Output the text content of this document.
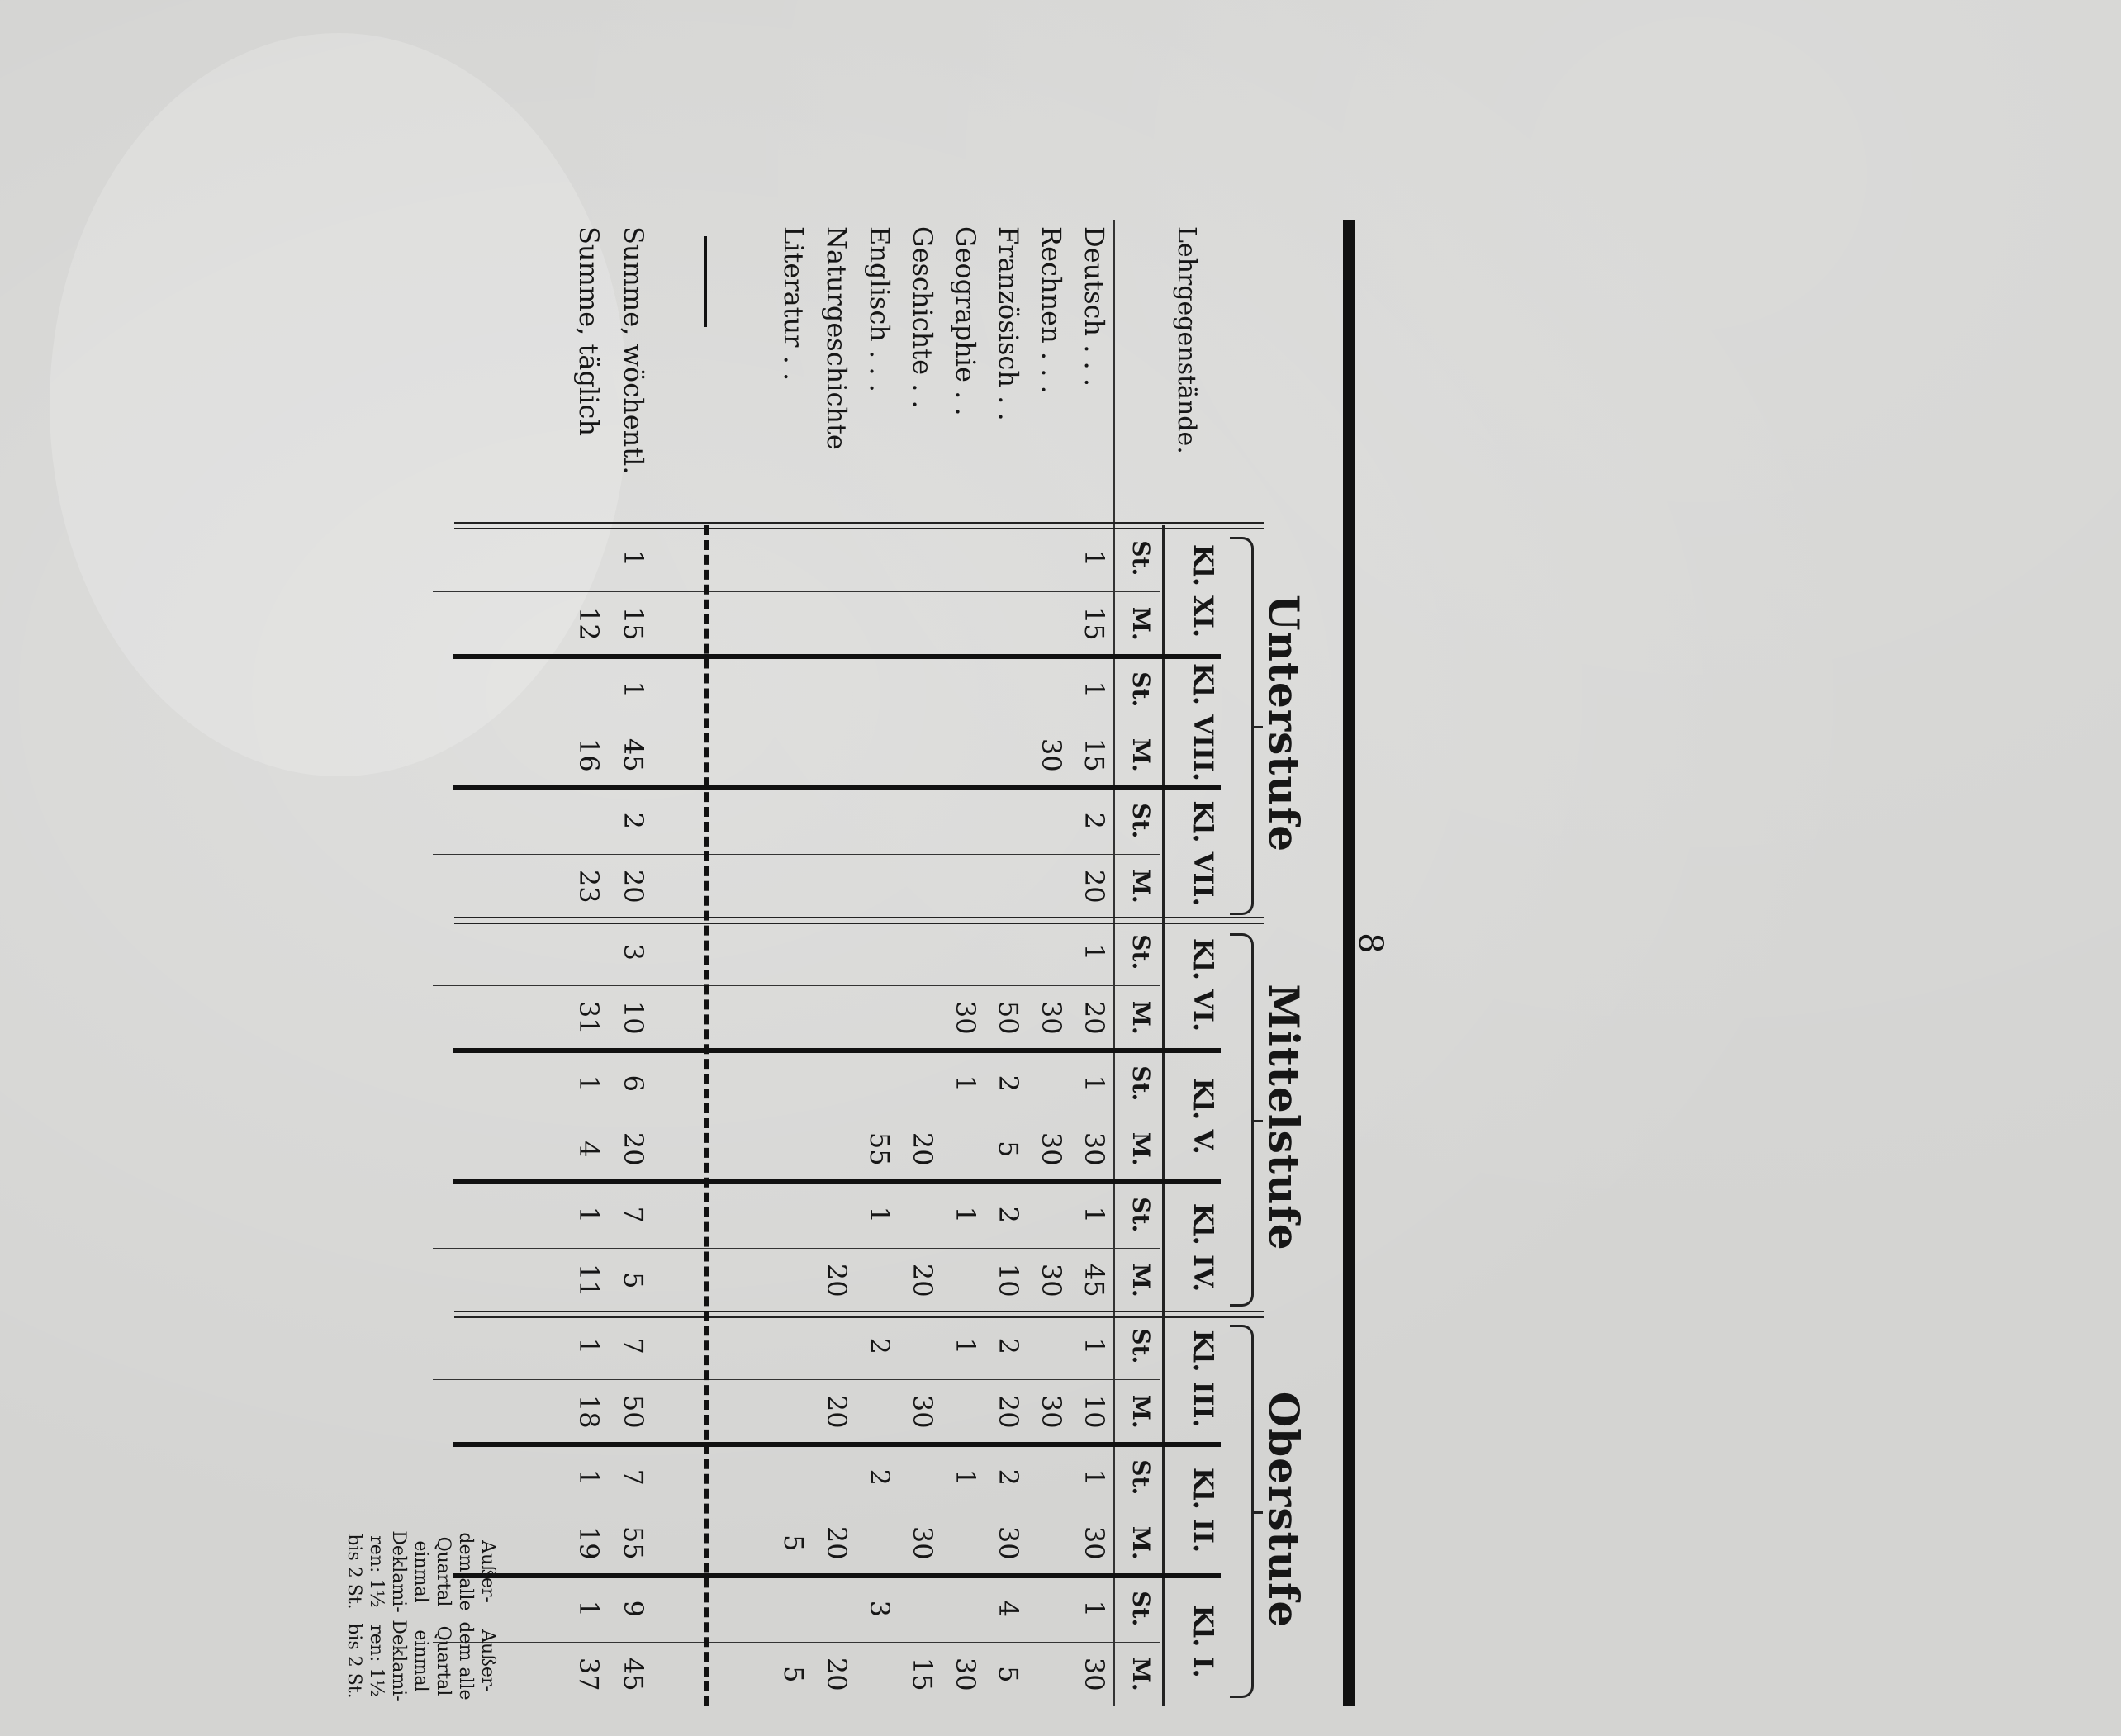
8
Unterstufe
Mittelstufe
Oberstufe
Lehrgegenstände.
Kl. XI.
Kl. VIII.
Kl. VII.
Kl. VI.
Kl. V.
Kl. IV.
Kl. III.
Kl. II.
Kl. I.
St.
M.
St.
M.
St.
M.
St.
M.
St.
M.
St.
M.
St.
M.
St.
M.
St.
M.
Deutsch . . .
1
15
1
15
2
20
1
20
1
30
1
45
1
10
1
30
1
30
Rechnen . . .
30
30
30
30
30
Französisch . .
50
2
5
2
10
2
20
2
30
4
5
Geographie . .
30
1
1
1
1
30
Geschichte . .
20
20
30
30
15
Englisch . . .
55
1
2
2
3
Naturgeschichte
20
20
20
20
Literatur . .
5
5
Summe, wöchentl.
1
15
1
45
2
20
3
10
6
20
7
5
7
50
7
55
9
45
Summe, täglich
12
16
23
31
1
4
1
11
1
18
1
19
1
37
Außer- dem alle Quartal einmal Deklami- ren: 1½ bis 2 St.
Außer- dem alle Quartal einmal Deklami- ren: 1½ bis 2 St.
